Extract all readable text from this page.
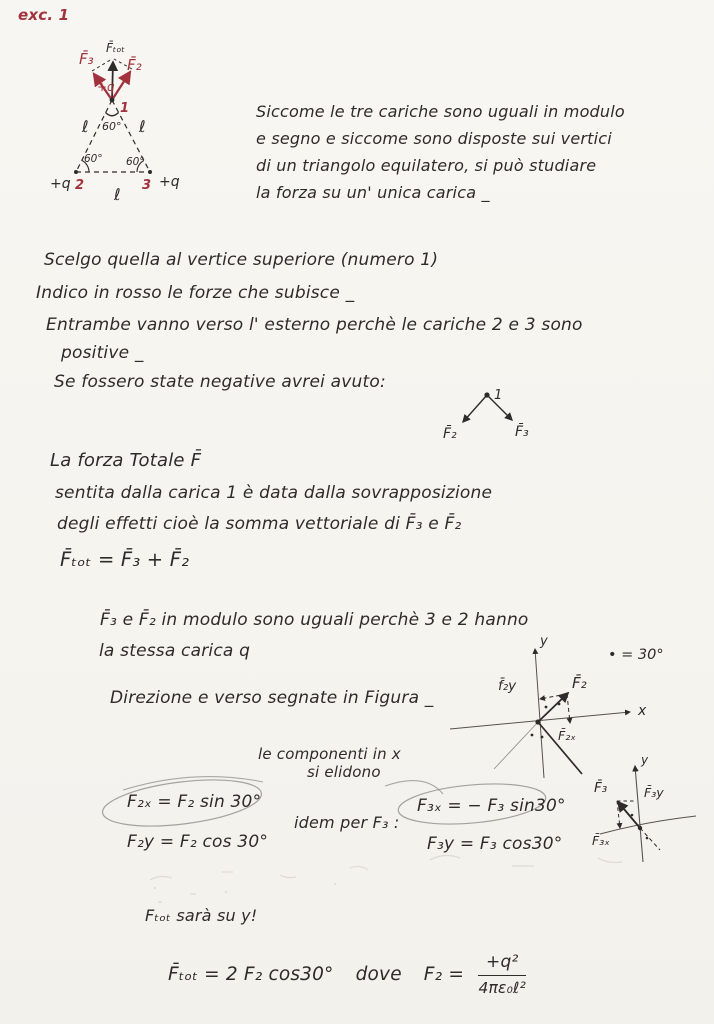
exc. 1
F̄₃
F̄ₜₒₜ
F̄₂
+q
1
60°
ℓ	ℓ
60° 60°
+q 2	3 +q
ℓ
Siccome le tre cariche sono uguali in modulo
e segno e siccome sono disposte sui vertici
di un triangolo equilatero, si può studiare
la forza su un' unica carica _
Scelgo quella al vertice superiore (numero 1)
Indico in rosso le forze che subisce _
Entrambe vanno verso l' esterno perchè le cariche 2 e 3 sono
positive _
Se fossero state negative avrei avuto:
1
F̄₂	F̄₃
La forza Totale F̄
sentita dalla carica 1 è data dalla sovrapposizione
degli effetti cioè la somma vettoriale di F̄₃ e F̄₂
F̄ₜₒₜ = F̄₃ + F̄₂
F̄₃ e F̄₂ in modulo sono uguali perchè 3 e 2 hanno
la stessa carica q
Direzione e verso segnate in Figura _
y
x
F̄₂
f̄₂y
F̄₂ₓ
• = 30°
le componenti in x
si elidono
F₂ₓ = F₂ sin 30°
F₂y = F₂ cos 30°
idem per F₃ :
F₃ₓ = − F₃ sin30°
F₃y = F₃ cos30°
y
F̄₃	F̄₃y
F̄₃ₓ
Fₜₒₜ sarà su y!
F̄ₜₒₜ = 2 F₂ cos30° dove $F_2 = \frac{\text{+q²}}{\text{4πε₀ℓ²}}$
